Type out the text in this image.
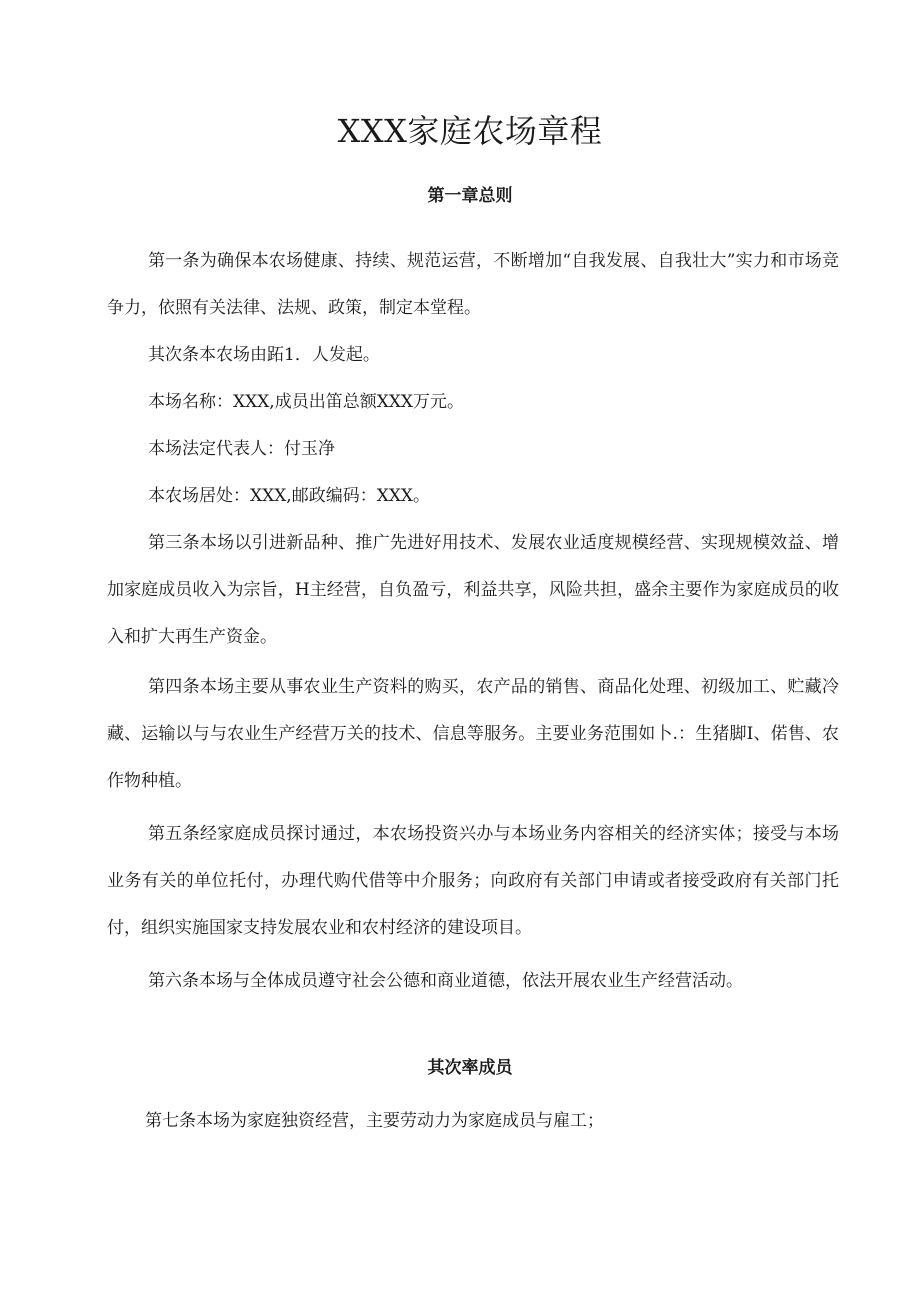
XXX家庭农场章程
第一章总则

第一条为确保本农场健康、持续、规范运营，不断增加“自我发展、自我壮大”实力和市场竞争力，依照有关法律、法规、政策，制定本堂程。

其次条本农场由跖1．人发起。

本场名称：XXX,成员出笛总额XXX万元。

本场法定代表人：付玉净

本农场居处：XXX,邮政编码：XXX。

第三条本场以引进新品种、推广先进好用技术、发展农业适度规模经营、实现规模效益、增加家庭成员收入为宗旨，H主经营，自负盈亏，利益共享，风险共担，盛余主要作为家庭成员的收入和扩大再生产资金。

第四条本场主要从事农业生产资料的购买，农产品的销售、商品化处理、初级加工、贮藏冷藏、运输以与与农业生产经营万关的技术、信息等服务。主要业务范围如卜.：生猪脚I、偌售、农作物种植。

第五条经家庭成员探讨通过，本农场投资兴办与本场业务内容相关的经济实体；接受与本场业务有关的单位托付，办理代购代借等中介服务；向政府有关部门申请或者接受政府有关部门托付，组织实施国家支持发展农业和农村经济的建设项目。

第六条本场与全体成员遵守社会公德和商业道德，依法开展农业生产经营活动。

其次率成员

第七条本场为家庭独资经营，主要劳动力为家庭成员与雇工；
